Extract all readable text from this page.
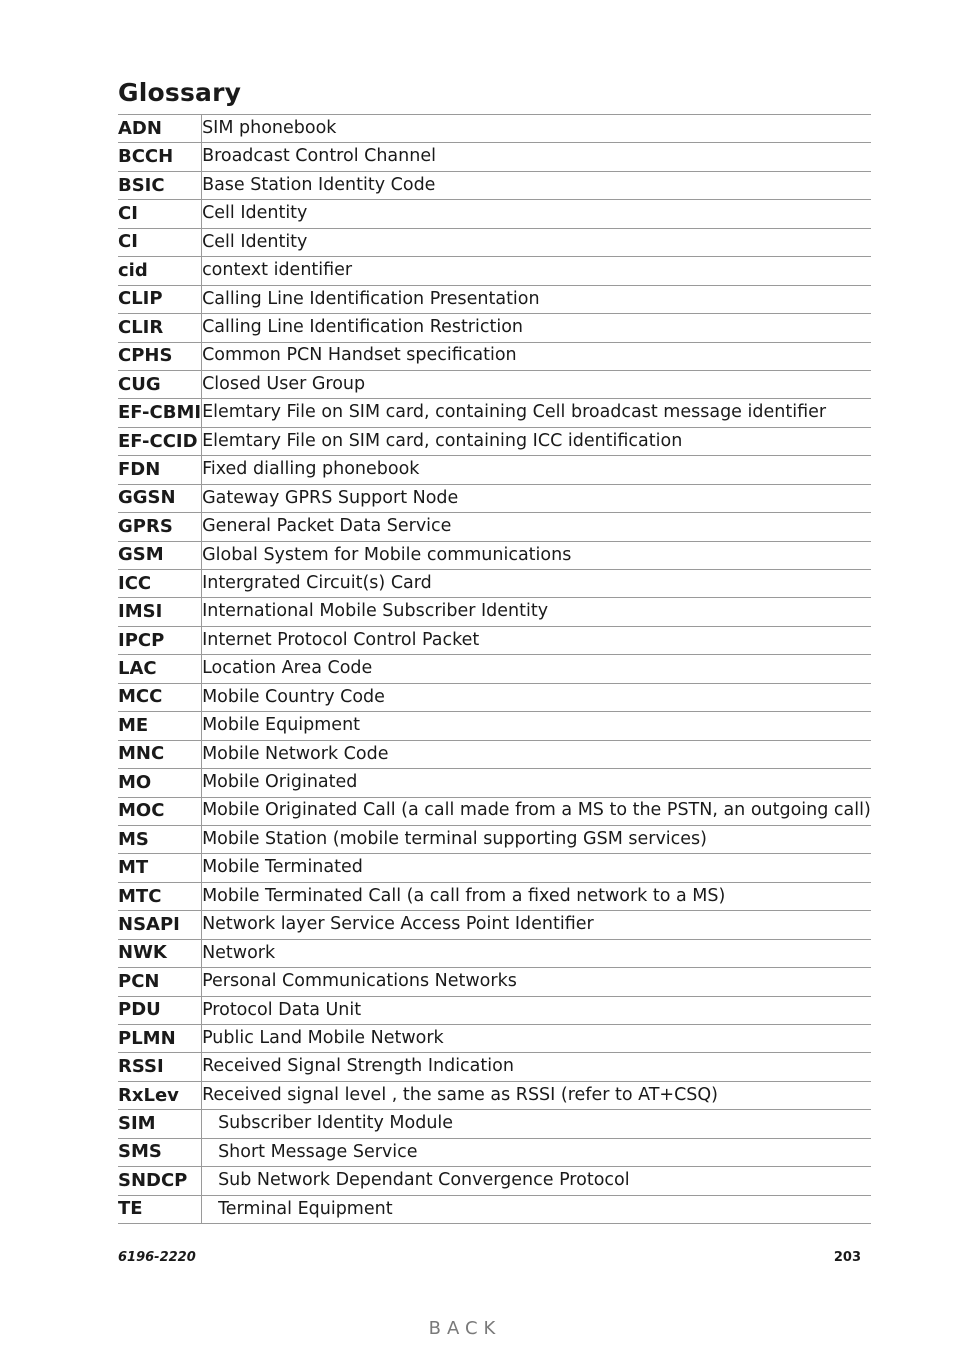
Glossary
ADN	SIM phonebook
BCCH	Broadcast Control Channel
BSIC	Base Station Identity Code
CI	Cell Identity
CI	Cell Identity
cid	context identifier
CLIP	Calling Line Identification Presentation
CLIR	Calling Line Identification Restriction
CPHS	Common PCN Handset specification
CUG	Closed User Group
EF-CBMI	Elemtary File on SIM card, containing Cell broadcast message identifier
EF-CCID	Elemtary File on SIM card, containing ICC identification
FDN	Fixed dialling phonebook
GGSN	Gateway GPRS Support Node
GPRS	General Packet Data Service
GSM	Global System for Mobile communications
ICC	Intergrated Circuit(s) Card
IMSI	International Mobile Subscriber Identity
IPCP	Internet Protocol Control Packet
LAC	Location Area Code
MCC	Mobile Country Code
ME	Mobile Equipment
MNC	Mobile Network Code
MO	Mobile Originated
MOC	Mobile Originated Call (a call made from a MS to the PSTN, an outgoing call)
MS	Mobile Station (mobile terminal supporting GSM services)
MT	Mobile Terminated
MTC	Mobile Terminated Call (a call from a fixed network to a MS)
NSAPI	Network layer Service Access Point Identifier
NWK	Network
PCN	Personal Communications Networks
PDU	Protocol Data Unit
PLMN	Public Land Mobile Network
RSSI	Received Signal Strength Indication
RxLev	Received signal level , the same as RSSI (refer to AT+CSQ)
SIM	Subscriber Identity Module
SMS	Short Message Service
SNDCP	Sub Network Dependant Convergence Protocol
TE	Terminal Equipment
6196-2220	203
BACK
